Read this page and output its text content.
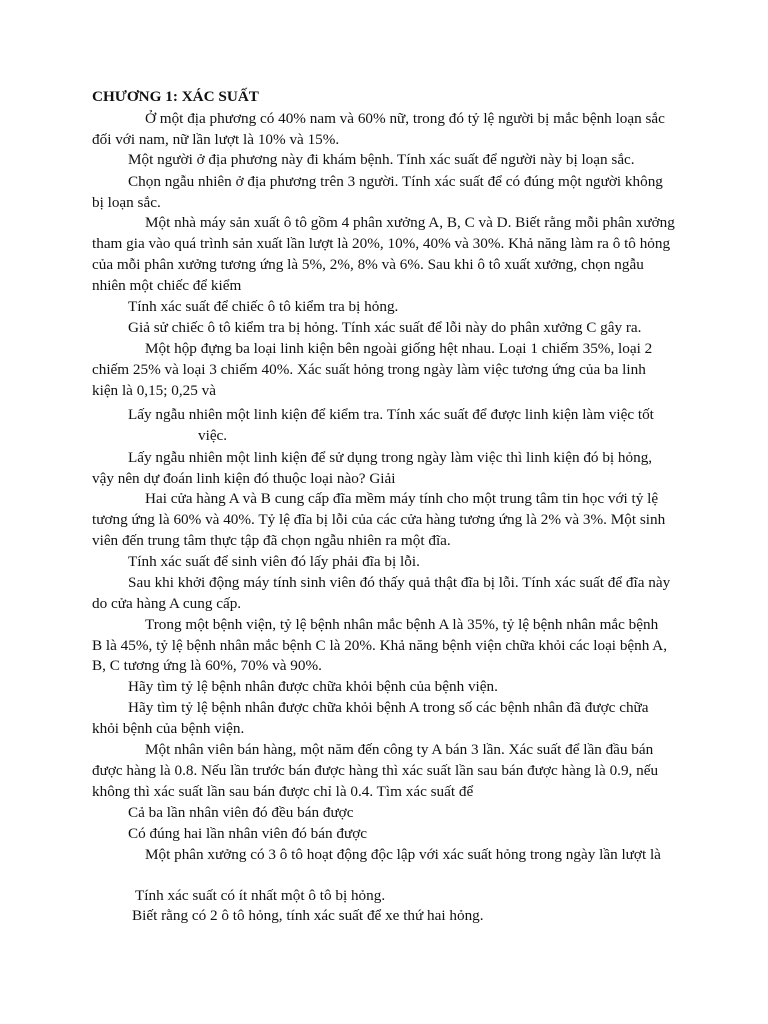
CHƯƠNG 1: XÁC SUẤT

Ở một địa phương có 40% nam và 60% nữ, trong đó tỷ lệ người bị mắc bệnh loạn sắc

đối với nam, nữ lần lượt là 10% và 15%.

Một người ở địa phương này đi khám bệnh. Tính xác suất để người này bị loạn sắc.

Chọn ngẫu nhiên ở địa phương trên 3 người. Tính xác suất để có đúng một người không

bị loạn sắc.

Một nhà máy sản xuất ô tô gồm 4 phân xưởng A, B, C và D. Biết rằng mỗi phân xưởng

tham gia vào quá trình sản xuất lần lượt là 20%, 10%, 40% và 30%. Khả năng làm ra ô tô hỏng

của mỗi phân xưởng tương ứng là 5%, 2%, 8% và 6%. Sau khi ô tô xuất xưởng, chọn ngẫu

nhiên một chiếc để kiểm

Tính xác suất để chiếc ô tô kiểm tra bị hỏng.

Giả sử chiếc ô tô kiểm tra bị hỏng. Tính xác suất để lỗi này do phân xưởng C gây ra.

Một hộp đựng ba loại linh kiện bên ngoài giống hệt nhau. Loại 1 chiếm 35%, loại 2

chiếm 25% và loại 3 chiếm 40%. Xác suất hỏng trong ngày làm việc tương ứng của ba linh

kiện là 0,15; 0,25 và

Lấy ngẫu nhiên một linh kiện để kiểm tra. Tính xác suất để được linh kiện làm việc tốt

việc.

Lấy ngẫu nhiên một linh kiện để sử dụng trong ngày làm việc thì linh kiện đó bị hỏng,

vậy nên dự đoán linh kiện đó thuộc loại nào? Giải

Hai cửa hàng A và B cung cấp đĩa mềm máy tính cho một trung tâm tin học với tỷ lệ

tương ứng là 60% và 40%. Tỷ lệ đĩa bị lỗi của các cửa hàng tương ứng là 2% và 3%. Một sinh

viên đến trung tâm thực tập đã chọn ngẫu nhiên ra một đĩa.

Tính xác suất để sinh viên đó lấy phải đĩa bị lỗi.

Sau khi khởi động máy tính sinh viên đó thấy quả thật đĩa bị lỗi. Tính xác suất để đĩa này

do cửa hàng A cung cấp.

Trong một bệnh viện, tỷ lệ bệnh nhân mắc bệnh A là 35%, tỷ lệ bệnh nhân mắc bệnh

B là 45%, tỷ lệ bệnh nhân mắc bệnh C là 20%. Khả năng bệnh viện chữa khỏi các loại bệnh A,

B, C tương ứng là 60%, 70% và 90%.

Hãy tìm tỷ lệ bệnh nhân được chữa khỏi bệnh của bệnh viện.

Hãy tìm tỷ lệ bệnh nhân được chữa khỏi bệnh A trong số các bệnh nhân đã được chữa

khỏi bệnh của bệnh viện.

Một nhân viên bán hàng, một năm đến công ty A bán 3 lần. Xác suất để lần đầu bán

được hàng là 0.8. Nếu lần trước bán được hàng thì xác suất lần sau bán được hàng là 0.9, nếu

không thì xác suất lần sau bán được chỉ là 0.4. Tìm xác suất để

Cả ba lần nhân viên đó đều bán được

Có đúng hai lần nhân viên đó bán được

Một phân xưởng có 3 ô tô hoạt động độc lập với xác suất hỏng trong ngày lần lượt là

Tính xác suất có ít nhất một ô tô bị hỏng.

Biết rằng có 2 ô tô hỏng, tính xác suất để xe thứ hai hỏng.
